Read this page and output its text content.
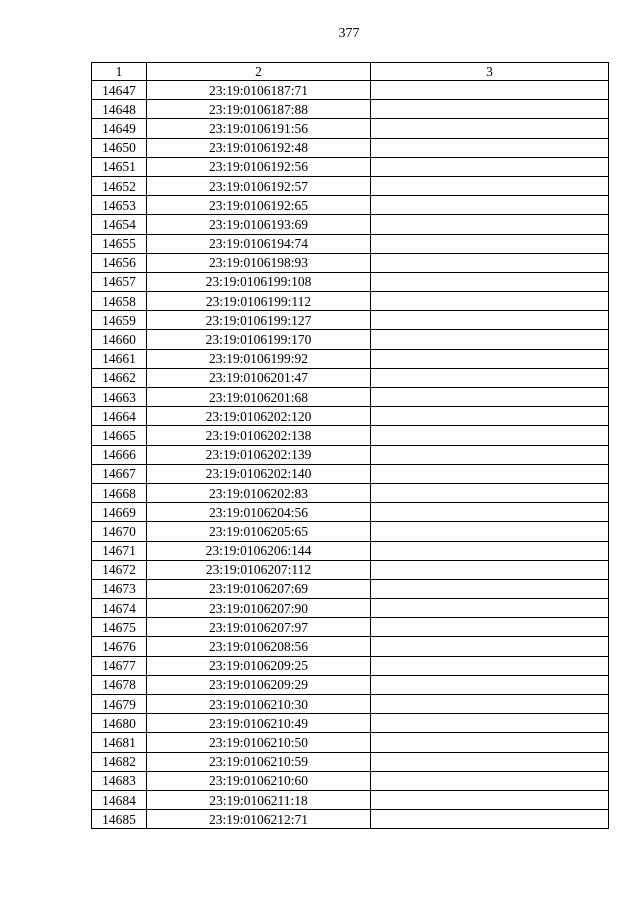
377
1	2	3
14647	23:19:0106187:71	
14648	23:19:0106187:88	
14649	23:19:0106191:56	
14650	23:19:0106192:48	
14651	23:19:0106192:56	
14652	23:19:0106192:57	
14653	23:19:0106192:65	
14654	23:19:0106193:69	
14655	23:19:0106194:74	
14656	23:19:0106198:93	
14657	23:19:0106199:108	
14658	23:19:0106199:112	
14659	23:19:0106199:127	
14660	23:19:0106199:170	
14661	23:19:0106199:92	
14662	23:19:0106201:47	
14663	23:19:0106201:68	
14664	23:19:0106202:120	
14665	23:19:0106202:138	
14666	23:19:0106202:139	
14667	23:19:0106202:140	
14668	23:19:0106202:83	
14669	23:19:0106204:56	
14670	23:19:0106205:65	
14671	23:19:0106206:144	
14672	23:19:0106207:112	
14673	23:19:0106207:69	
14674	23:19:0106207:90	
14675	23:19:0106207:97	
14676	23:19:0106208:56	
14677	23:19:0106209:25	
14678	23:19:0106209:29	
14679	23:19:0106210:30	
14680	23:19:0106210:49	
14681	23:19:0106210:50	
14682	23:19:0106210:59	
14683	23:19:0106210:60	
14684	23:19:0106211:18	
14685	23:19:0106212:71	
